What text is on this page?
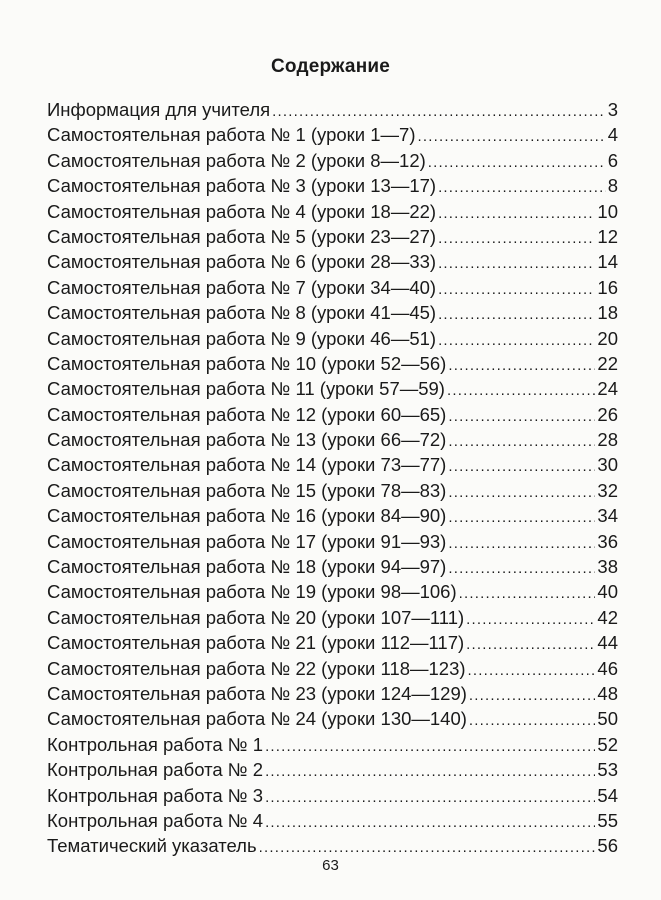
Содержание
Информация для учителя .....	3
Самостоятельная работа № 1 (уроки 1—7) .....	4
Самостоятельная работа № 2 (уроки 8—12) .....	6
Самостоятельная работа № 3 (уроки 13—17) .....	8
Самостоятельная работа № 4 (уроки 18—22) .....	10
Самостоятельная работа № 5 (уроки 23—27) .....	12
Самостоятельная работа № 6 (уроки 28—33) .....	14
Самостоятельная работа № 7 (уроки 34—40) .....	16
Самостоятельная работа № 8 (уроки 41—45) .....	18
Самостоятельная работа № 9 (уроки 46—51) .....	20
Самостоятельная работа № 10 (уроки 52—56) .....	22
Самостоятельная работа № 11 (уроки 57—59) .....	24
Самостоятельная работа № 12 (уроки 60—65) .....	26
Самостоятельная работа № 13 (уроки 66—72) .....	28
Самостоятельная работа № 14 (уроки 73—77) .....	30
Самостоятельная работа № 15 (уроки 78—83) .....	32
Самостоятельная работа № 16 (уроки 84—90) .....	34
Самостоятельная работа № 17 (уроки 91—93) .....	36
Самостоятельная работа № 18 (уроки 94—97) .....	38
Самостоятельная работа № 19 (уроки 98—106) .....	40
Самостоятельная работа № 20 (уроки 107—111) .....	42
Самостоятельная работа № 21 (уроки 112—117) .....	44
Самостоятельная работа № 22 (уроки 118—123) .....	46
Самостоятельная работа № 23 (уроки 124—129) .....	48
Самостоятельная работа № 24 (уроки 130—140) .....	50
Контрольная работа № 1 .....	52
Контрольная работа № 2 .....	53
Контрольная работа № 3 .....	54
Контрольная работа № 4 .....	55
Тематический указатель .....	56
63
